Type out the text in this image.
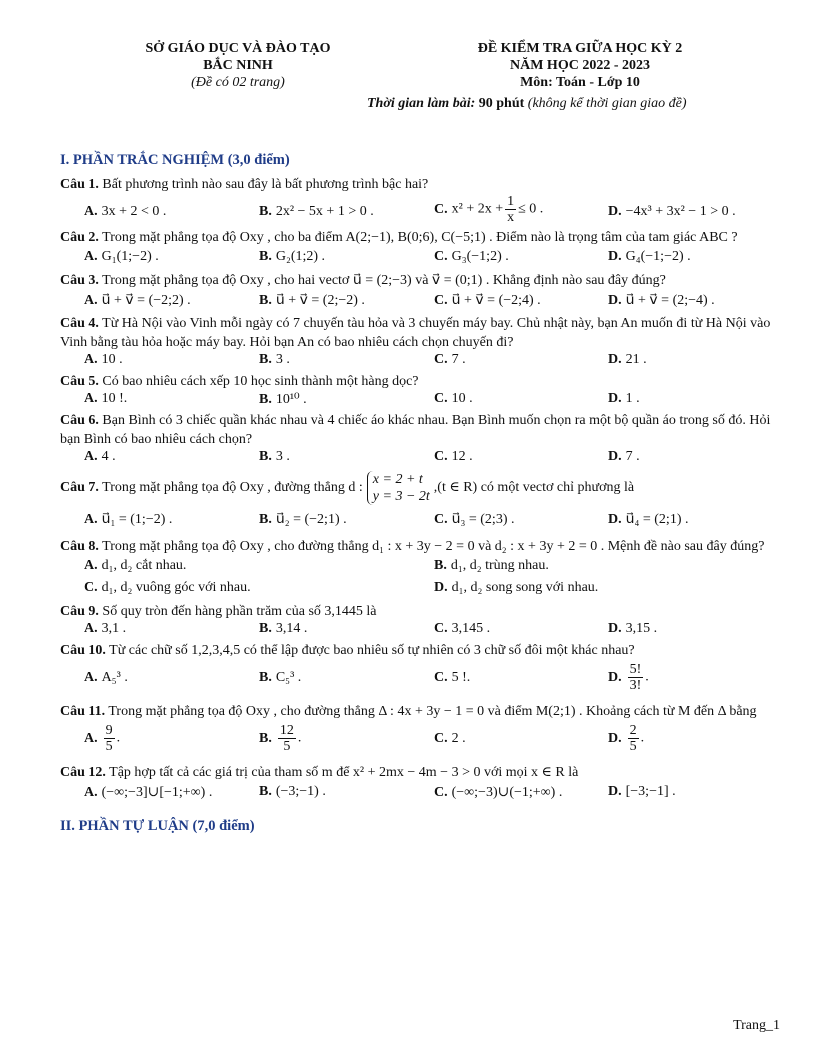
SỞ GIÁO DỤC VÀ ĐÀO TẠO
BẮC NINH
(Đề có 02 trang)
ĐỀ KIỂM TRA GIỮA HỌC KỲ 2
NĂM HỌC 2022 - 2023
Môn: Toán - Lớp 10
Thời gian làm bài: 90 phút (không kể thời gian giao đề)
I. PHẦN TRẮC NGHIỆM (3,0 điểm)
Câu 1. Bất phương trình nào sau đây là bất phương trình bậc hai?
A. 3x + 2 < 0 .	B. 2x² − 5x + 1 > 0 .	C. $x^2 + 2x + \frac{1}{x} \le 0$ .	D. −4x³ + 3x² − 1 > 0 .
Câu 2. Trong mặt phẳng tọa độ Oxy , cho ba điểm A(2;−1), B(0;6), C(−5;1) . Điểm nào là trọng tâm của tam giác ABC ?
A. G₁(1;−2) .	B. G₂(1;2) .	C. G₃(−1;2) .	D. G₄(−1;−2) .
Câu 3. Trong mặt phẳng tọa độ Oxy , cho hai vectơ u⃗ = (2;−3) và v⃗ = (0;1) . Khẳng định nào sau đây đúng?
A. u⃗ + v⃗ = (−2;2) .	B. u⃗ + v⃗ = (2;−2) .	C. u⃗ + v⃗ = (−2;4) .	D. u⃗ + v⃗ = (2;−4) .
Câu 4. Từ Hà Nội vào Vinh mỗi ngày có 7 chuyến tàu hỏa và 3 chuyến máy bay. Chủ nhật này, bạn An muốn đi từ Hà Nội vào Vinh bằng tàu hỏa hoặc máy bay. Hỏi bạn An có bao nhiêu cách chọn chuyến đi?
A. 10 .	B. 3 .	C. 7 .	D. 21 .
Câu 5. Có bao nhiêu cách xếp 10 học sinh thành một hàng dọc?
A. 10 !.	B. 10¹⁰ .	C. 10 .	D. 1 .
Câu 6. Bạn Bình có 3 chiếc quần khác nhau và 4 chiếc áo khác nhau. Bạn Bình muốn chọn ra một bộ quần áo trong số đó. Hỏi bạn Bình có bao nhiêu cách chọn?
A. 4 .	B. 3 .	C. 12 .	D. 7 .
Câu 7. Trong mặt phẳng tọa độ Oxy , đường thẳng d :
x = 2 + t
y = 3 − 2t
,(t ∈ R) có một vectơ chỉ phương là
A. u⃗₁ = (1;−2) .	B. u⃗₂ = (−2;1) .	C. u⃗₃ = (2;3) .	D. u⃗₄ = (2;1) .
Câu 8. Trong mặt phẳng tọa độ Oxy , cho đường thẳng d₁ : x + 3y − 2 = 0 và d₂ : x + 3y + 2 = 0 . Mệnh đề nào sau đây đúng?
A. d₁, d₂ cắt nhau.	B. d₁, d₂ trùng nhau.
C. d₁, d₂ vuông góc với nhau.	D. d₁, d₂ song song với nhau.
Câu 9. Số quy tròn đến hàng phần trăm của số 3,1445 là
A. 3,1 .	B. 3,14 .	C. 3,145 .	D. 3,15 .
Câu 10. Từ các chữ số 1,2,3,4,5 có thể lập được bao nhiêu số tự nhiên có 3 chữ số đôi một khác nhau?
A. A₅³ .	B. C₅³ .	C. 5 !.	D. $\frac{5!}{3!}$ .
Câu 11. Trong mặt phẳng tọa độ Oxy , cho đường thẳng Δ : 4x + 3y − 1 = 0 và điểm M(2;1) . Khoảng cách từ M đến Δ bằng
A. $\frac{9}{5}$ .	B. $\frac{12}{5}$ .	C. 2 .	D. $\frac{2}{5}$ .
Câu 12. Tập hợp tất cả các giá trị của tham số m để x² + 2mx − 4m − 3 > 0 với mọi x ∈ R là
A. (−∞;−3]∪[−1;+∞) .	B. (−3;−1) .	C. (−∞;−3)∪(−1;+∞) .	D. [−3;−1] .
II. PHẦN TỰ LUẬN (7,0 điểm)
Trang_1
